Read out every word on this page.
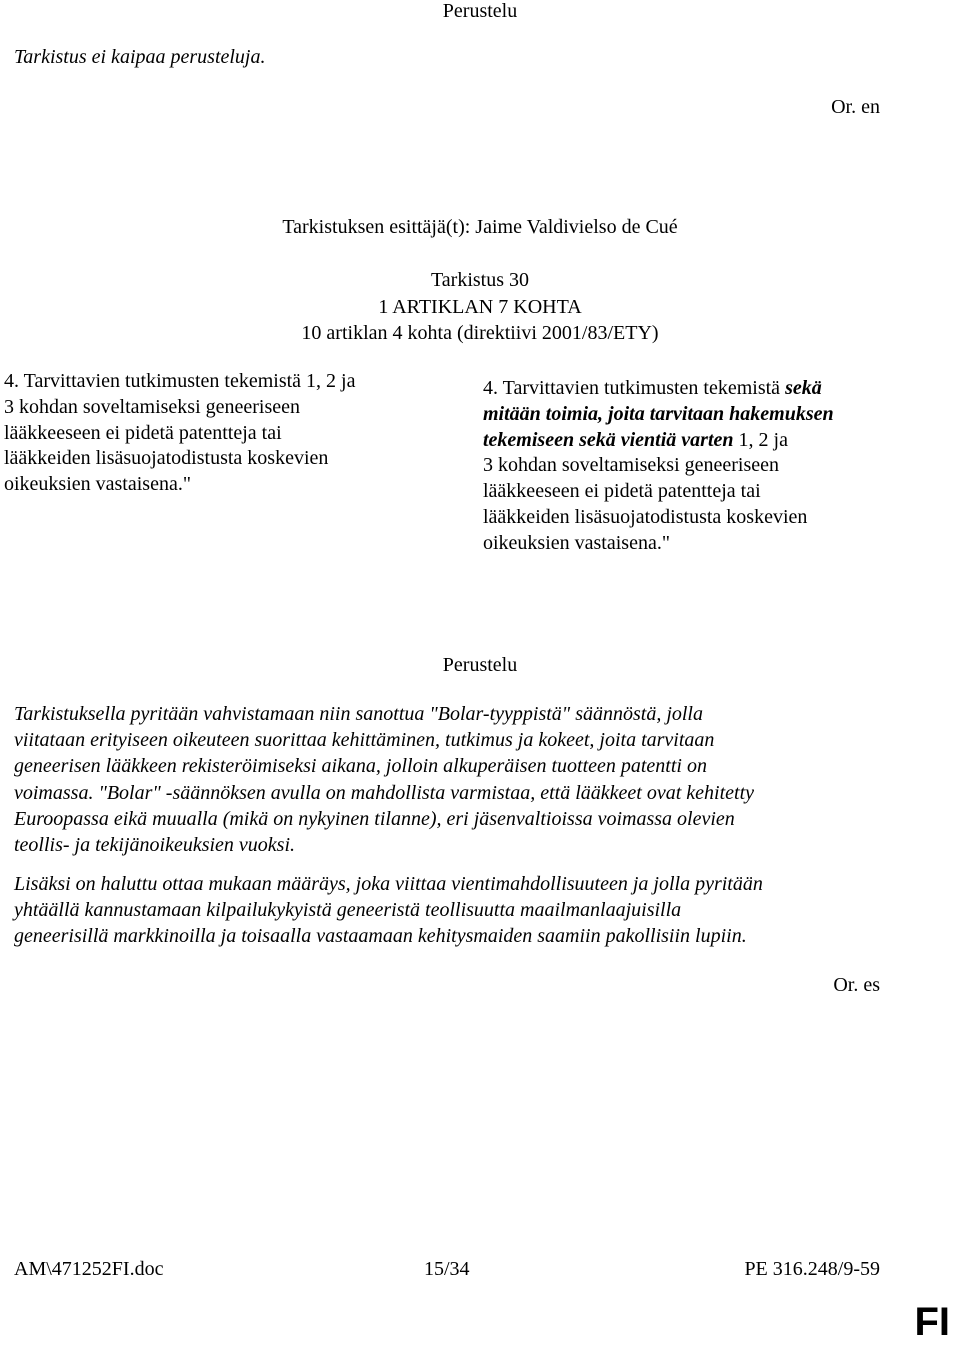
Perustelu
Tarkistus ei kaipaa perusteluja.
Or. en
Tarkistuksen esittäjä(t): Jaime Valdivielso de Cué
Tarkistus 30
1 ARTIKLAN 7 KOHTA
10 artiklan 4 kohta (direktiivi 2001/83/ETY)
4. Tarvittavien tutkimusten tekemistä 1, 2 ja
3 kohdan soveltamiseksi geneeriseen
lääkkeeseen ei pidetä patentteja tai
lääkkeiden lisäsuojatodistusta koskevien
oikeuksien vastaisena."
4. Tarvittavien tutkimusten tekemistä sekä
mitään toimia, joita tarvitaan hakemuksen
tekemiseen sekä vientiä varten 1, 2 ja
3 kohdan soveltamiseksi geneeriseen
lääkkeeseen ei pidetä patentteja tai
lääkkeiden lisäsuojatodistusta koskevien
oikeuksien vastaisena."
Perustelu
Tarkistuksella pyritään vahvistamaan niin sanottua "Bolar-tyyppistä" säännöstä, jolla
viitataan erityiseen oikeuteen suorittaa kehittäminen, tutkimus ja kokeet, joita tarvitaan
geneerisen lääkkeen rekisteröimiseksi aikana, jolloin alkuperäisen tuotteen patentti on
voimassa. "Bolar" -säännöksen avulla on mahdollista varmistaa, että lääkkeet ovat kehitetty
Euroopassa eikä muualla (mikä on nykyinen tilanne), eri jäsenvaltioissa voimassa olevien
teollis- ja tekijänoikeuksien vuoksi.
Lisäksi on haluttu ottaa mukaan määräys, joka viittaa vientimahdollisuuteen ja jolla pyritään
yhtäällä kannustamaan kilpailukykyistä geneeristä teollisuutta maailmanlaajuisilla
geneerisillä markkinoilla ja toisaalla vastaamaan kehitysmaiden saamiin pakollisiin lupiin.
Or. es
AM\471252FI.doc	15/34	PE 316.248/9-59
FI
